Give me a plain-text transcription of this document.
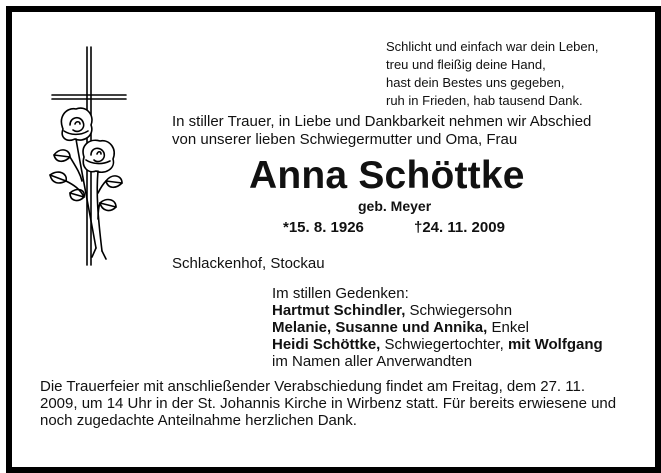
Schlicht und einfach war dein Leben,
treu und fleißig deine Hand,
hast dein Bestes uns gegeben,
ruh in Frieden, hab tausend Dank.
In stiller Trauer, in Liebe und Dankbarkeit nehmen wir Abschied
von unserer lieben Schwiegermutter und Oma, Frau
Anna Schöttke
geb. Meyer
*15. 8. 1926	†24. 11. 2009
Schlackenhof, Stockau
Im stillen Gedenken:
Hartmut Schindler, Schwiegersohn
Melanie, Susanne und Annika, Enkel
Heidi Schöttke, Schwiegertochter, mit Wolfgang
im Namen aller Anverwandten
Die Trauerfeier mit anschließender Verabschiedung findet am Freitag, dem 27. 11.
2009, um 14 Uhr in der St. Johannis Kirche in Wirbenz statt. Für bereits erwiesene und
noch zugedachte Anteilnahme herzlichen Dank.
